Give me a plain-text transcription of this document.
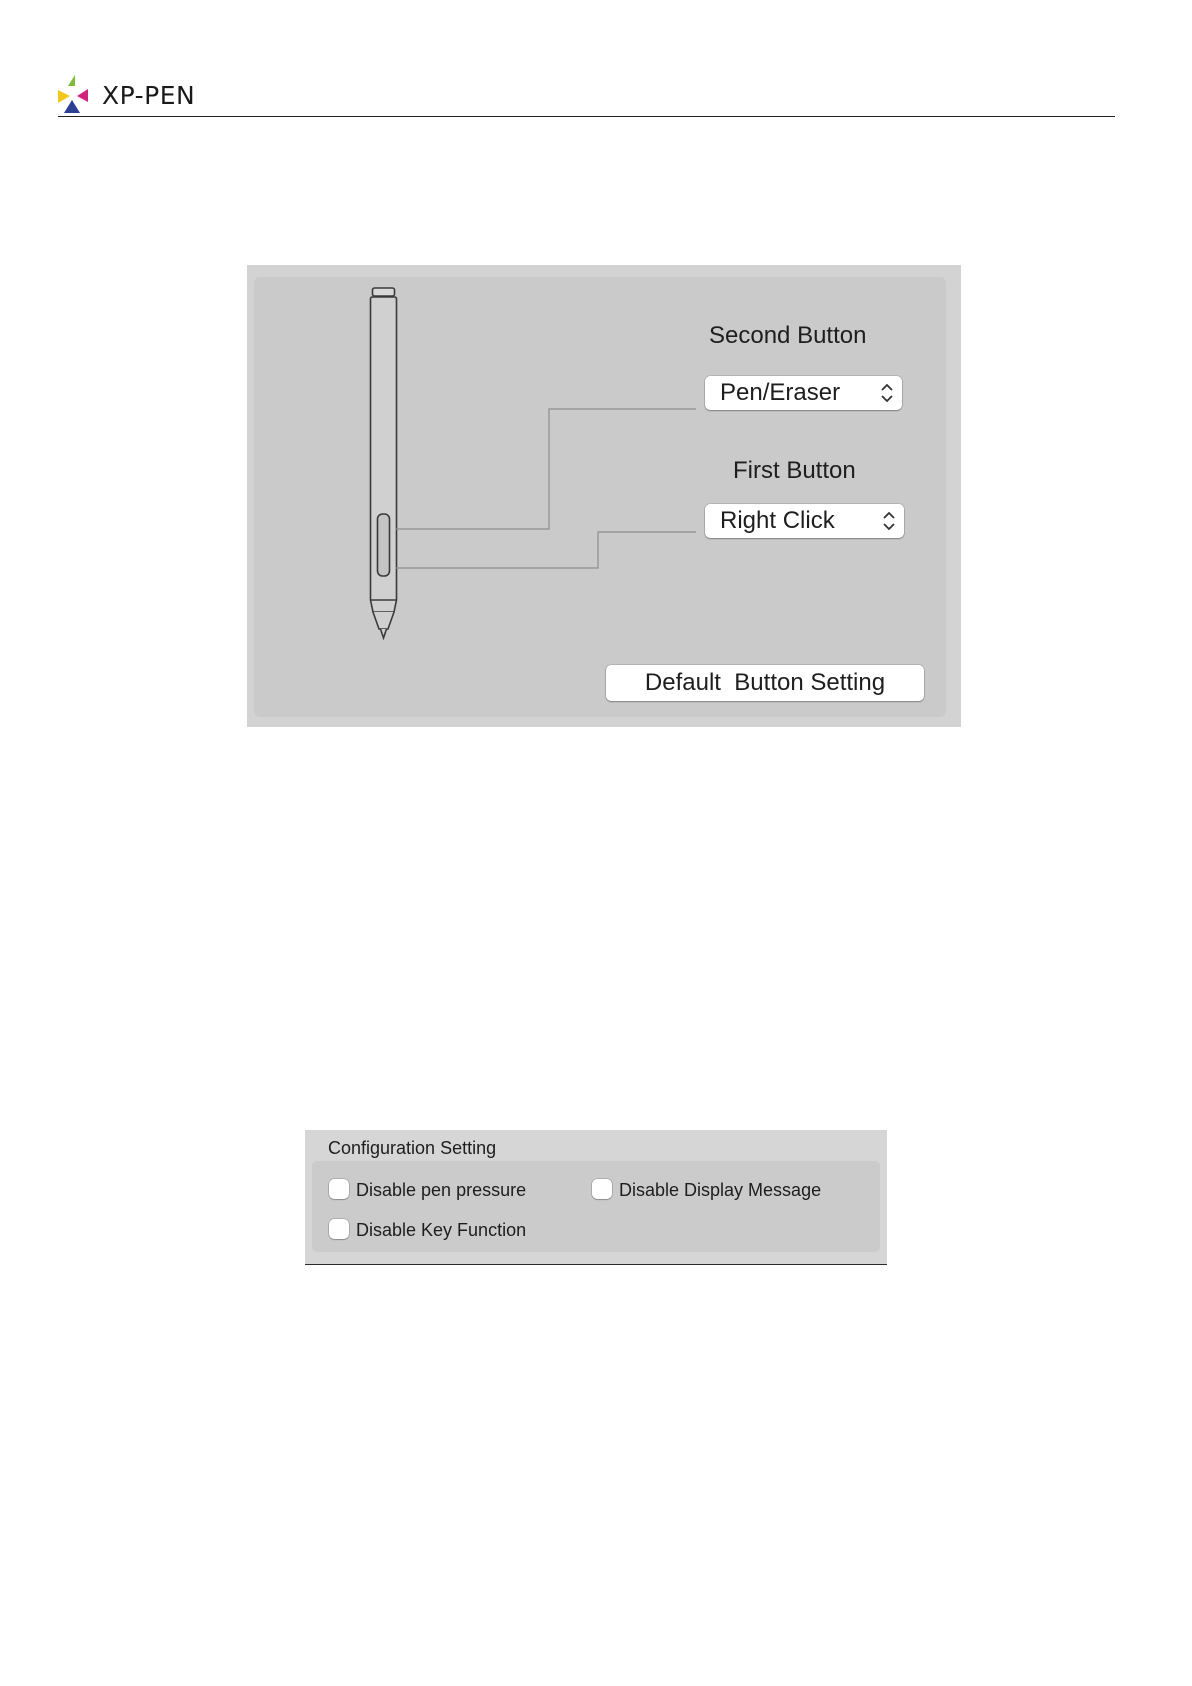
XP-PEN
Second Button
Pen/Eraser
First Button
Right Click
Default  Button Setting
Configuration Setting
Disable pen pressure	Disable Display Message
Disable Key Function
